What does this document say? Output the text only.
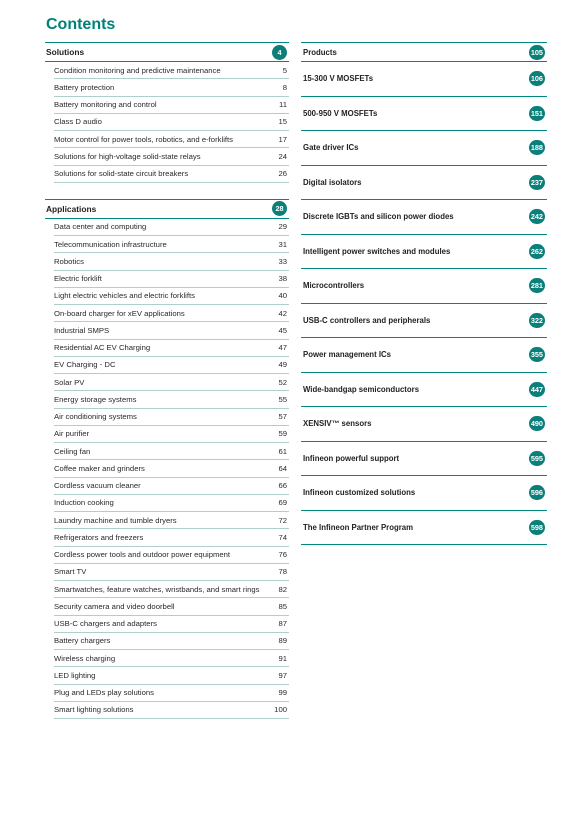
Contents
Solutions	4
Condition monitoring and predictive maintenance	5
Battery protection	8
Battery monitoring and control	11
Class D audio	15
Motor control for power tools, robotics, and e-forklifts	17
Solutions for high-voltage solid-state relays	24
Solutions for solid-state circuit breakers	26
Applications	28
Data center and computing	29
Telecommunication infrastructure	31
Robotics	33
Electric forklift	38
Light electric vehicles and electric forklifts	40
On-board charger for xEV applications	42
Industrial SMPS	45
Residential AC EV Charging	47
EV Charging - DC	49
Solar PV	52
Energy storage systems	55
Air conditioning systems	57
Air purifier	59
Ceiling fan	61
Coffee maker and grinders	64
Cordless vacuum cleaner	66
Induction cooking	69
Laundry machine and tumble dryers	72
Refrigerators and freezers	74
Cordless power tools and outdoor power equipment	76
Smart TV	78
Smartwatches, feature watches, wristbands, and smart rings	82
Security camera and video doorbell	85
USB-C chargers and adapters	87
Battery chargers	89
Wireless charging	91
LED lighting	97
Plug and LEDs play solutions	99
Smart lighting solutions	100
Products	105
15-300 V MOSFETs	106
500-950 V MOSFETs	151
Gate driver ICs	188
Digital isolators	237
Discrete IGBTs and silicon power diodes	242
Intelligent power switches and modules	262
Microcontrollers	281
USB-C controllers and peripherals	322
Power management ICs	355
Wide-bandgap semiconductors	447
XENSIV™ sensors	490
Infineon powerful support	595
Infineon customized solutions	596
The Infineon Partner Program	598
